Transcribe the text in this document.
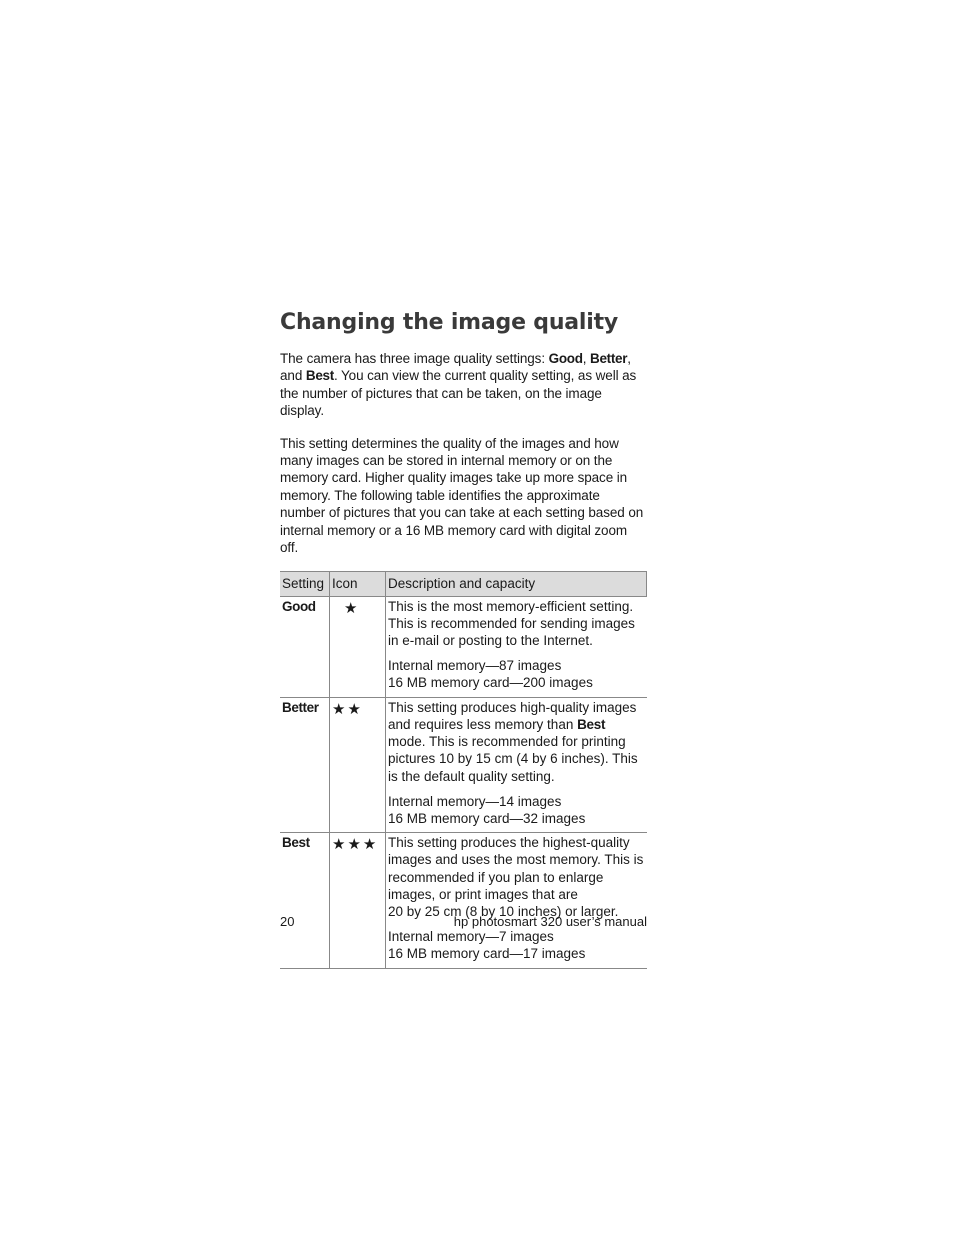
Changing the image quality

The camera has three image quality settings: Good, Better, and Best. You can view the current quality setting, as well as the number of pictures that can be taken, on the image display.

This setting determines the quality of the images and how many images can be stored in internal memory or on the memory card. Higher quality images take up more space in memory. The following table identifies the approximate number of pictures that you can take at each setting based on internal memory or a 16 MB memory card with digital zoom off.

Setting	Icon	Description and capacity
Good	★	This is the most memory-efficient setting. This is recommended for sending images in e-mail or posting to the Internet.
Internal memory—87 images
16 MB memory card—200 images

Better	★★	This setting produces high-quality images and requires less memory than Best mode. This is recommended for printing pictures 10 by 15 cm (4 by 6 inches). This is the default quality setting.
Internal memory—14 images
16 MB memory card—32 images

Best	★★★	This setting produces the highest-quality images and uses the most memory. This is recommended if you plan to enlarge images, or print images that are
20 by 25 cm (8 by 10 inches) or larger.
Internal memory—7 images
16 MB memory card—17 images
20	hp photosmart 320 user’s manual
